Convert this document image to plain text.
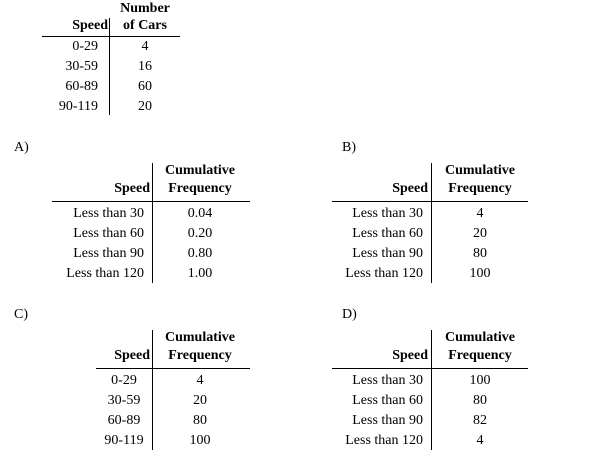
Number
Speed	of Cars
0-29	4
30-59	16
60-89	60
90-119	20
A)
Cumulative
Speed	Frequency
Less than 30	0.04
Less than 60	0.20
Less than 90	0.80
Less than 120	1.00
B)
Cumulative
Speed	Frequency
Less than 30	4
Less than 60	20
Less than 90	80
Less than 120	100
C)
Cumulative
Speed	Frequency
0-29	4
30-59	20
60-89	80
90-119	100
D)
Cumulative
Speed	Frequency
Less than 30	100
Less than 60	80
Less than 90	82
Less than 120	4
